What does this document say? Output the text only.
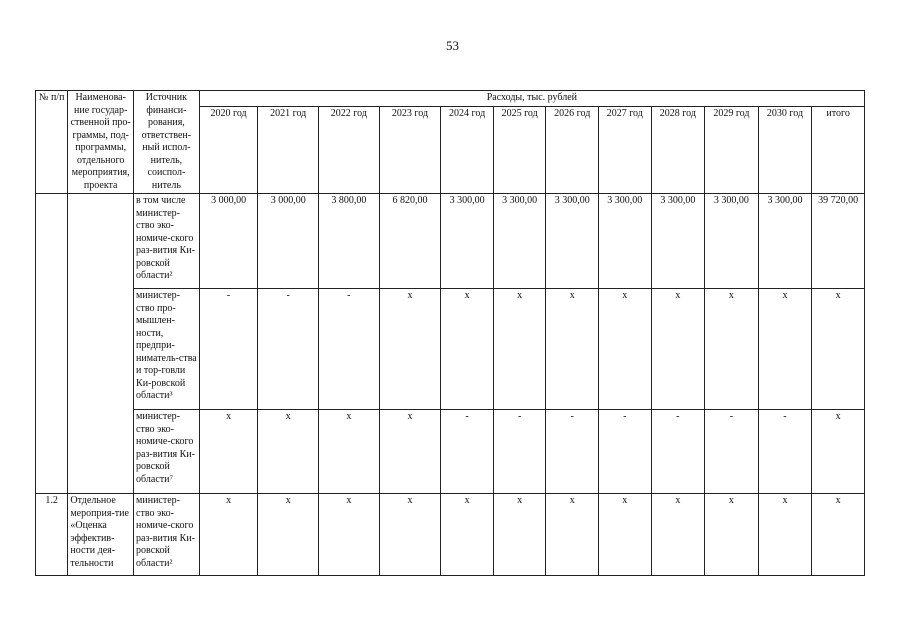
53
№ п/п	Наименова-ние государ-ственной про-граммы, под-программы, отдельного мероприятия, проекта	Источник финанси-рования, ответствен-ный испол-нитель, соиспол-нитель	Расходы, тыс. рублей											
			2020 год	2021 год	2022 год	2023 год	2024 год	2025 год	2026 год	2027 год	2028 год	2029 год	2030 год	итого
		в том числе министер-ство эко-номиче-ского раз-вития Ки-ровской области²	3 000,00	3 000,00	3 800,00	6 820,00	3 300,00	3 300,00	3 300,00	3 300,00	3 300,00	3 300,00	3 300,00	39 720,00
		министер-ство про-мышлен-ности, предпри-ниматель-ства и тор-говли Ки-ровской области³	-	-	-	x	x	x	x	x	x	x	x	x
		министер-ство эко-номиче-ского раз-вития Ки-ровской области⁷	x	x	x	x	-	-	-	-	-	-	-	x
1.2	Отдельное мероприя-тие «Оценка эффектив-ности дея-тельности	министер-ство эко-номиче-ского раз-вития Ки-ровской области²	x	x	x	x	x	x	x	x	x	x	x	x
